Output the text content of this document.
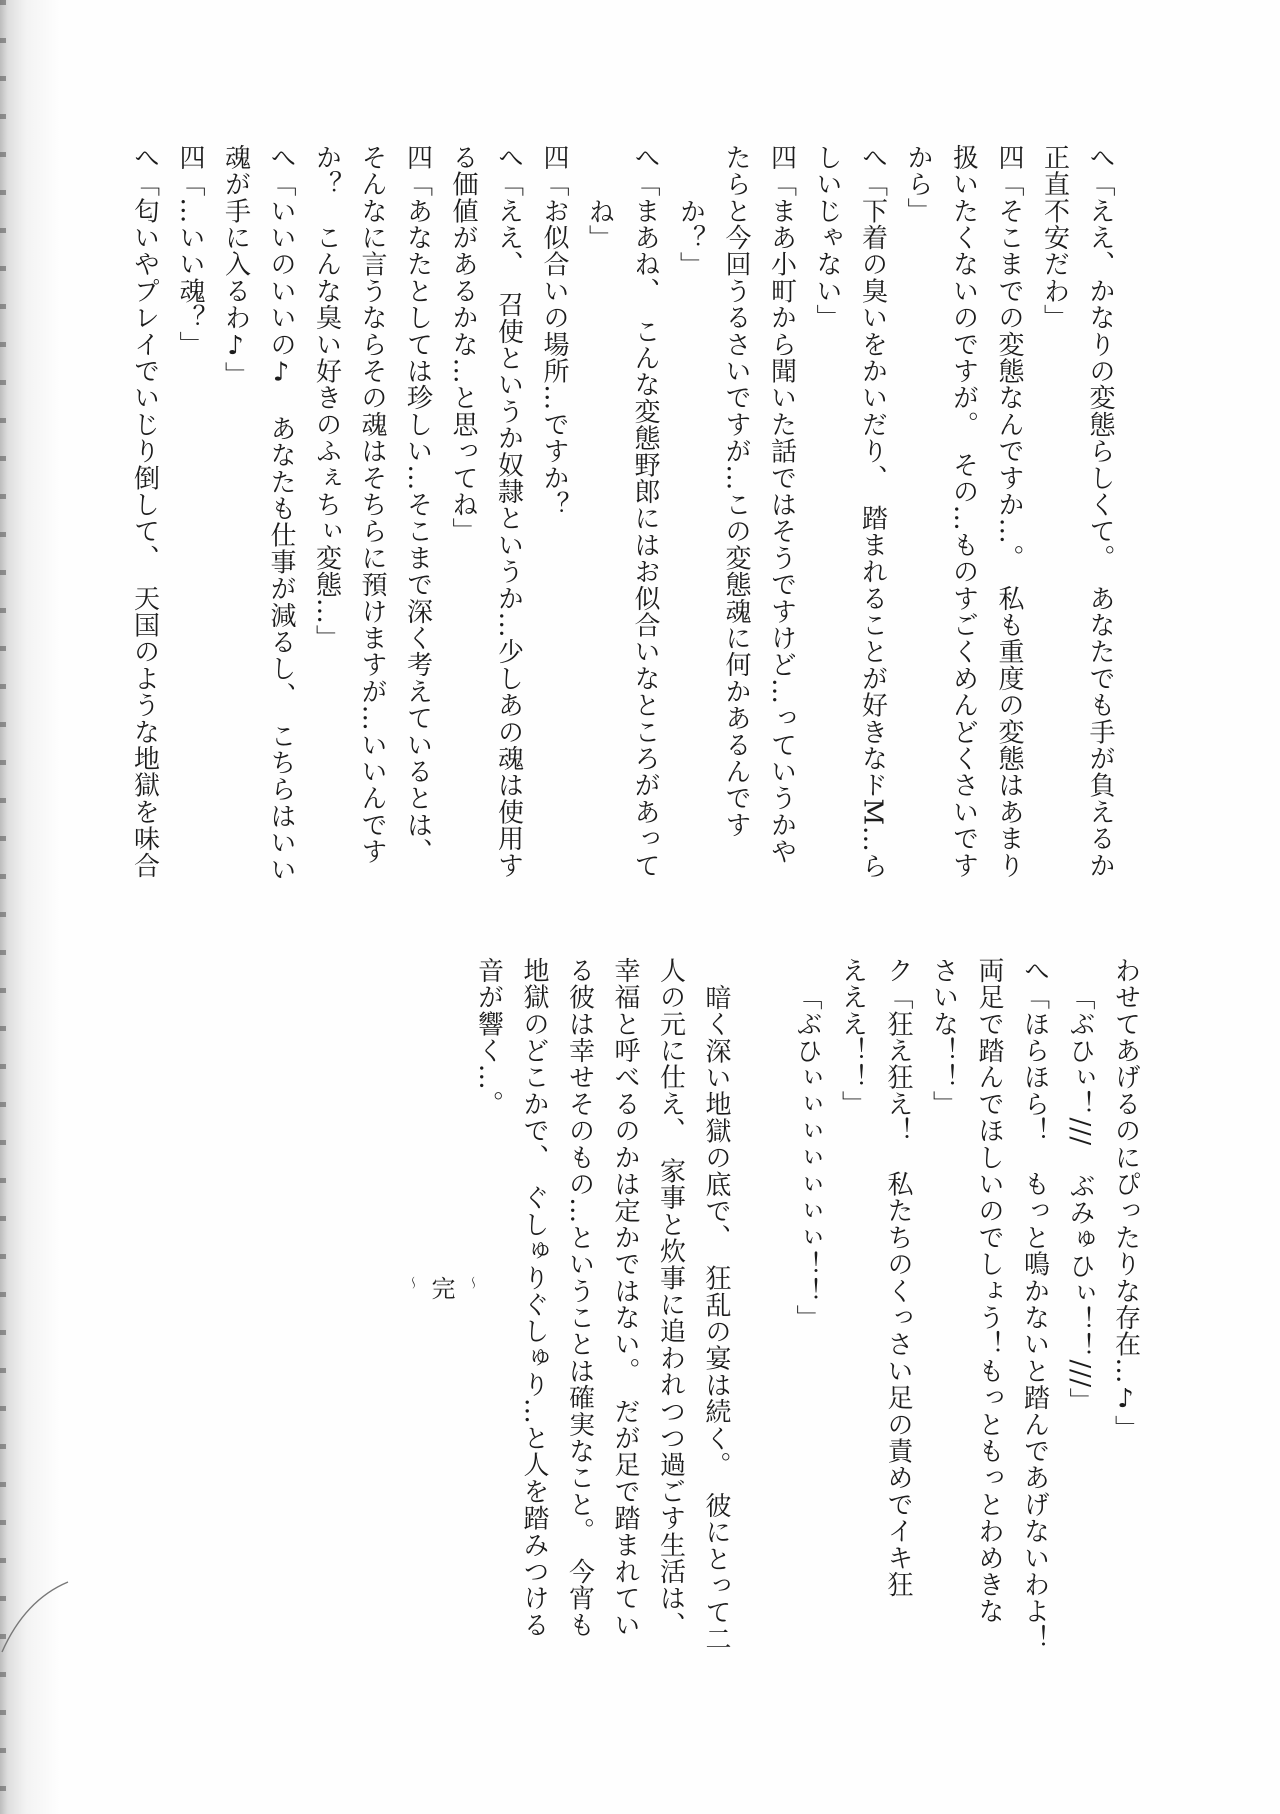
へ「ええ、かなりの変態らしくて。　あなたでも手が負えるか
正直不安だわ」
四「そこまでの変態なんですか…。　私も重度の変態はあまり
扱いたくないのですが。　その…ものすごくめんどくさいです
から」
へ「下着の臭いをかいだり、　踏まれることが好きなドM…ら
しいじゃない」
四「まあ小町から聞いた話ではそうですけど…っていうかや
たらと今回うるさいですが…この変態魂に何かあるんです
か？」
へ「まあね、　こんな変態野郎にはお似合いなところがあって
ね」
四「お似合いの場所…ですか？
へ「ええ、　召使というか奴隷というか…少しあの魂は使用す
る価値があるかな…と思ってね」
四「あなたとしては珍しい…そこまで深く考えているとは、
そんなに言うならその魂はそちらに預けますが…いいんです
か？　こんな臭い好きのふぇちぃ変態…」
へ「いいのいいの♪　あなたも仕事が減るし、　こちらはいい
魂が手に入るわ♪」
四「…いい魂？」
へ「匂いやプレイでいじり倒して、　天国のような地獄を味合
わせてあげるのにぴったりな存在…♪」
「ぶひぃ！///　ぶみゅひぃ！！///」
へ「ほらほら！　もっと鳴かないと踏んであげないわよ！
両足で踏んでほしいのでしょう！もっともっとわめきな
さいな！！」
ク「狂え狂え！　私たちのくっさい足の責めでイキ狂
えええ！！」
「ぶひぃぃぃぃぃぃぃ！！」
暗く深い地獄の底で、　狂乱の宴は続く。　彼にとって二
人の元に仕え、　家事と炊事に追われつつ過ごす生活は、
幸福と呼べるのかは定かではない。　だが足で踏まれてい
る彼は幸せそのもの…ということは確実なこと。　今宵も
地獄のどこかで、　ぐしゅりぐしゅり…と人を踏みつける
音が響く…。
～
完
～
